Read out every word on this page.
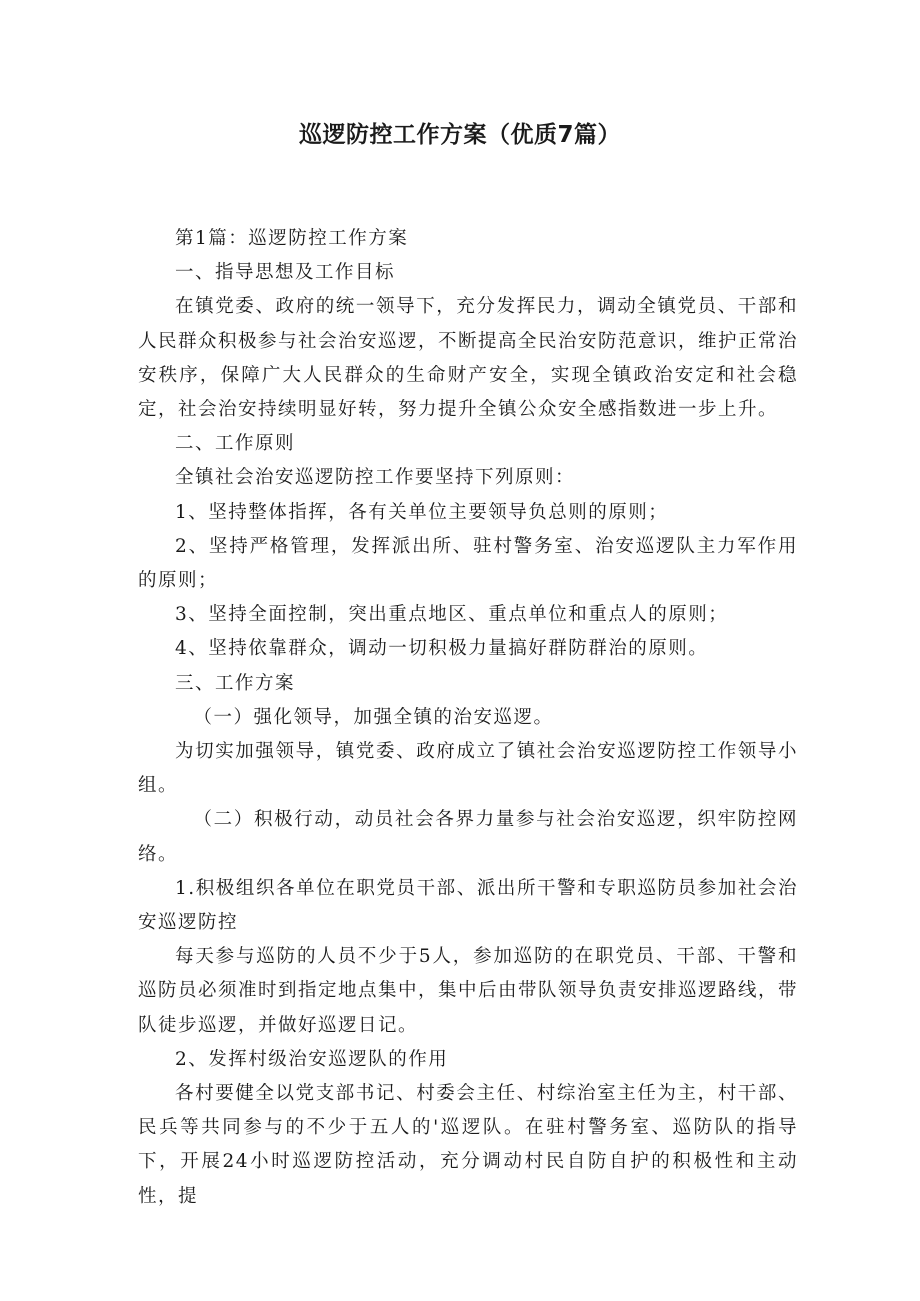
巡逻防控工作方案（优质7篇）

第1篇：巡逻防控工作方案

一、指导思想及工作目标

在镇党委、政府的统一领导下，充分发挥民力，调动全镇党员、干部和人民群众积极参与社会治安巡逻，不断提高全民治安防范意识，维护正常治安秩序，保障广大人民群众的生命财产安全，实现全镇政治安定和社会稳定，社会治安持续明显好转，努力提升全镇公众安全感指数进一步上升。

二、工作原则

全镇社会治安巡逻防控工作要坚持下列原则：

1、坚持整体指挥，各有关单位主要领导负总则的原则；

2、坚持严格管理，发挥派出所、驻村警务室、治安巡逻队主力军作用的原则；

3、坚持全面控制，突出重点地区、重点单位和重点人的原则；

4、坚持依靠群众，调动一切积极力量搞好群防群治的原则。

三、工作方案

（一）强化领导，加强全镇的治安巡逻。

为切实加强领导，镇党委、政府成立了镇社会治安巡逻防控工作领导小组。

（二）积极行动，动员社会各界力量参与社会治安巡逻，织牢防控网络。

1.积极组织各单位在职党员干部、派出所干警和专职巡防员参加社会治安巡逻防控

每天参与巡防的人员不少于5人，参加巡防的在职党员、干部、干警和巡防员必须准时到指定地点集中，集中后由带队领导负责安排巡逻路线，带队徒步巡逻，并做好巡逻日记。

2、发挥村级治安巡逻队的作用

各村要健全以党支部书记、村委会主任、村综治室主任为主，村干部、民兵等共同参与的不少于五人的'巡逻队。在驻村警务室、巡防队的指导下，开展24小时巡逻防控活动，充分调动村民自防自护的积极性和主动性，提
